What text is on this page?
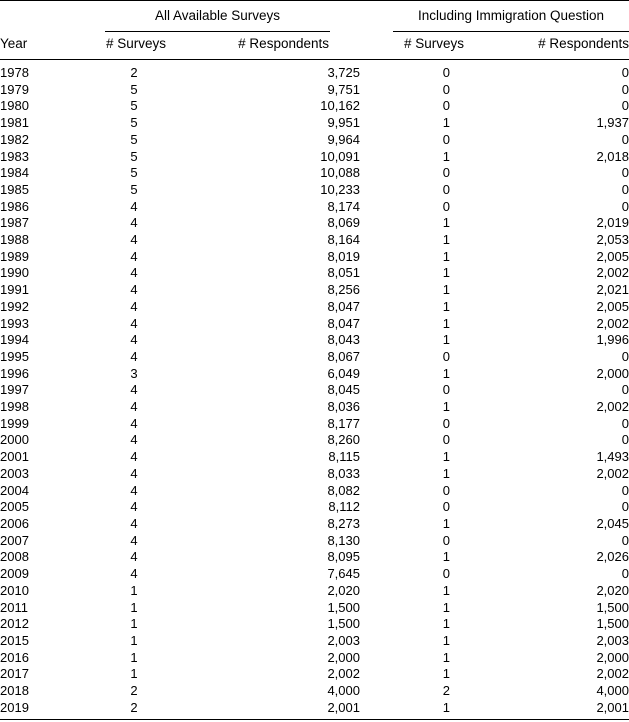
All Available Surveys	Including Immigration Question
Year	# Surveys	# Respondents	# Surveys	# Respondents
1978	2	3,725	0	0
1979	5	9,751	0	0
1980	5	10,162	0	0
1981	5	9,951	1	1,937
1982	5	9,964	0	0
1983	5	10,091	1	2,018
1984	5	10,088	0	0
1985	5	10,233	0	0
1986	4	8,174	0	0
1987	4	8,069	1	2,019
1988	4	8,164	1	2,053
1989	4	8,019	1	2,005
1990	4	8,051	1	2,002
1991	4	8,256	1	2,021
1992	4	8,047	1	2,005
1993	4	8,047	1	2,002
1994	4	8,043	1	1,996
1995	4	8,067	0	0
1996	3	6,049	1	2,000
1997	4	8,045	0	0
1998	4	8,036	1	2,002
1999	4	8,177	0	0
2000	4	8,260	0	0
2001	4	8,115	1	1,493
2003	4	8,033	1	2,002
2004	4	8,082	0	0
2005	4	8,112	0	0
2006	4	8,273	1	2,045
2007	4	8,130	0	0
2008	4	8,095	1	2,026
2009	4	7,645	0	0
2010	1	2,020	1	2,020
2011	1	1,500	1	1,500
2012	1	1,500	1	1,500
2015	1	2,003	1	2,003
2016	1	2,000	1	2,000
2017	1	2,002	1	2,002
2018	2	4,000	2	4,000
2019	2	2,001	1	2,001
